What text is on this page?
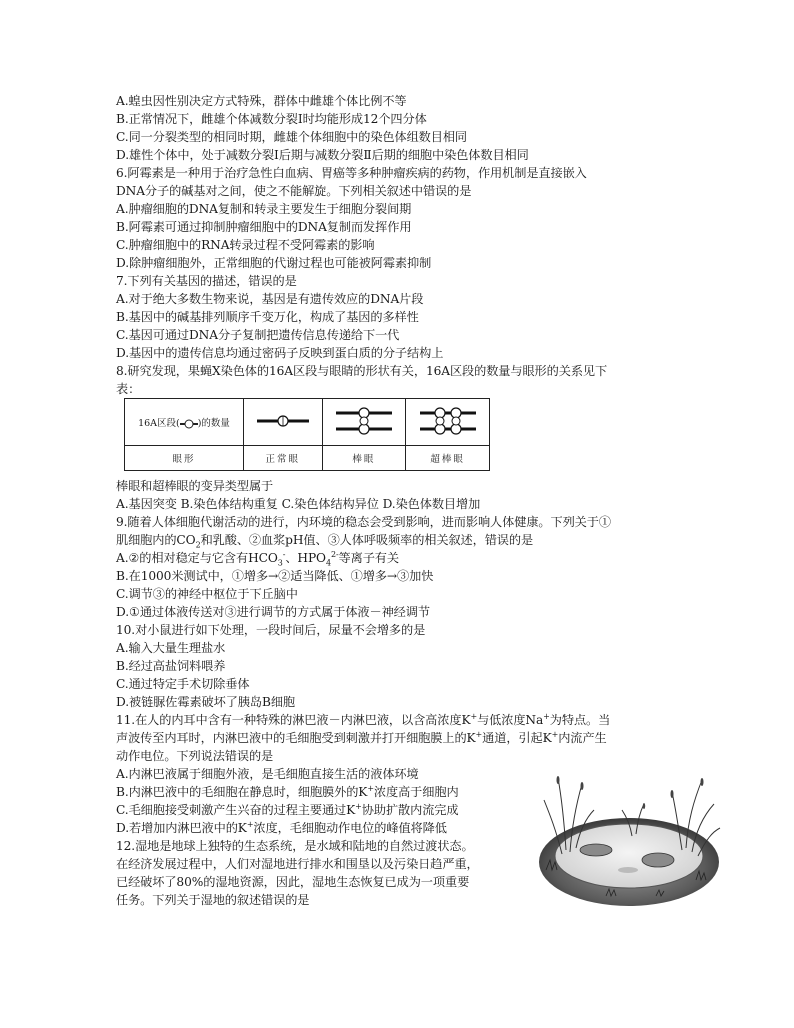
A.蝗虫因性别决定方式特殊，群体中雌雄个体比例不等
B.正常情况下，雌雄个体减数分裂Ⅰ时均能形成12个四分体
C.同一分裂类型的相同时期，雌雄个体细胞中的染色体组数目相同
D.雄性个体中，处于减数分裂Ⅰ后期与减数分裂Ⅱ后期的细胞中染色体数目相同
6.阿霉素是一种用于治疗急性白血病、胃癌等多种肿瘤疾病的药物，作用机制是直接嵌入
DNA分子的碱基对之间，使之不能解旋。下列相关叙述中错误的是
A.肿瘤细胞的DNA复制和转录主要发生于细胞分裂间期
B.阿霉素可通过抑制肿瘤细胞中的DNA复制而发挥作用
C.肿瘤细胞中的RNA转录过程不受阿霉素的影响
D.除肿瘤细胞外，正常细胞的代谢过程也可能被阿霉素抑制
7.下列有关基因的描述，错误的是
A.对于绝大多数生物来说，基因是有遗传效应的DNA片段
B.基因中的碱基排列顺序千变万化，构成了基因的多样性
C.基因可通过DNA分子复制把遗传信息传递给下一代
D.基因中的遗传信息均通过密码子反映到蛋白质的分子结构上
8.研究发现，果蝇X染色体的16A区段与眼睛的形状有关，16A区段的数量与眼形的关系见下
表：
16A区段( )的数量			
眼形	正常眼	棒眼	超棒眼
棒眼和超棒眼的变异类型属于
A.基因突变 B.染色体结构重复 C.染色体结构异位 D.染色体数目增加
9.随着人体细胞代谢活动的进行，内环境的稳态会受到影响，进而影响人体健康。下列关于①
肌细胞内的$CO_2$和乳酸、②血浆pH值、③人体呼吸频率的相关叙述，错误的是
A.②的相对稳定与它含有$HCO_3^-$、$HPO_4^{2-}$等离子有关
B.在1000米测试中，①增多→②适当降低、①增多→③加快
C.调节③的神经中枢位于下丘脑中
D.①通过体液传送对③进行调节的方式属于体液－神经调节
10.对小鼠进行如下处理，一段时间后，尿量不会增多的是
A.输入大量生理盐水
B.经过高盐饲料喂养
C.通过特定手术切除垂体
D.被链脲佐霉素破坏了胰岛B细胞
11.在人的内耳中含有一种特殊的淋巴液－内淋巴液，以含高浓度K+与低浓度Na+为特点。当
声波传至内耳时，内淋巴液中的毛细胞受到刺激并打开细胞膜上的K+通道，引起K+内流产生
动作电位。下列说法错误的是
A.内淋巴液属于细胞外液，是毛细胞直接生活的液体环境
B.内淋巴液中的毛细胞在静息时，细胞膜外的K+浓度高于细胞内
C.毛细胞接受刺激产生兴奋的过程主要通过K+协助扩散内流完成
D.若增加内淋巴液中的K+浓度，毛细胞动作电位的峰值将降低
12.湿地是地球上独特的生态系统，是水域和陆地的自然过渡状态。
在经济发展过程中，人们对湿地进行排水和围垦以及污染日趋严重，
已经破坏了80%的湿地资源，因此，湿地生态恢复已成为一项重要
任务。下列关于湿地的叙述错误的是
